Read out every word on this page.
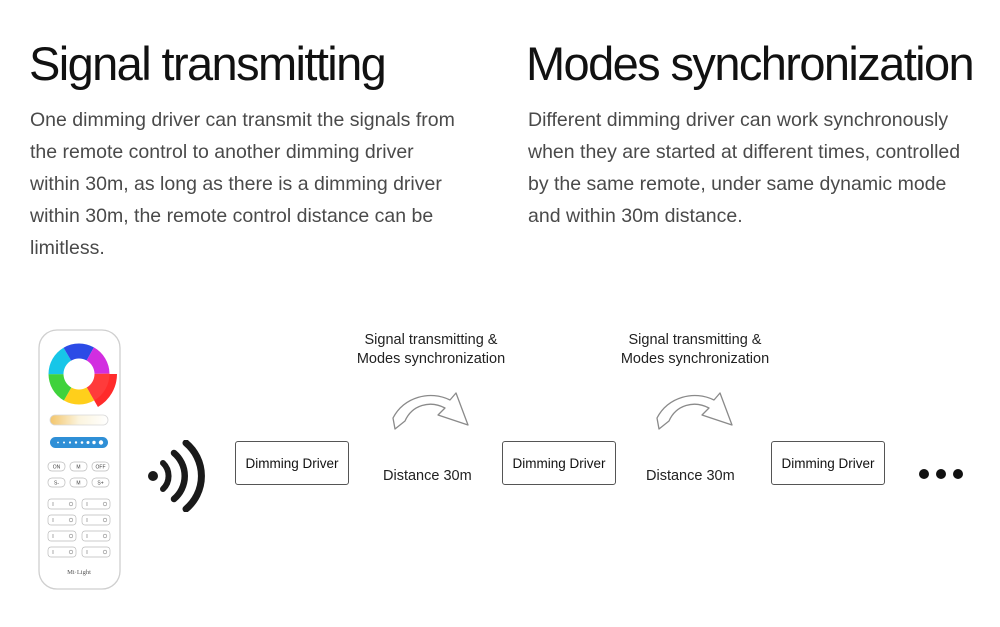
Signal transmitting	Modes synchronization
One dimming driver can transmit the signals from
the remote control to another dimming driver
within 30m, as long as there is a dimming driver
within 30m, the remote control distance can be
limitless.
Different dimming driver can work synchronously
when they are started at different times, controlled
by the same remote, under same dynamic mode
and within 30m distance.
ON	M	OFF
S-	M	S+
Mi·Light
Signal transmitting &
Modes synchronization
Signal transmitting &
Modes synchronization
Dimming Driver	Dimming Driver	Dimming Driver
Distance 30m	Distance 30m
